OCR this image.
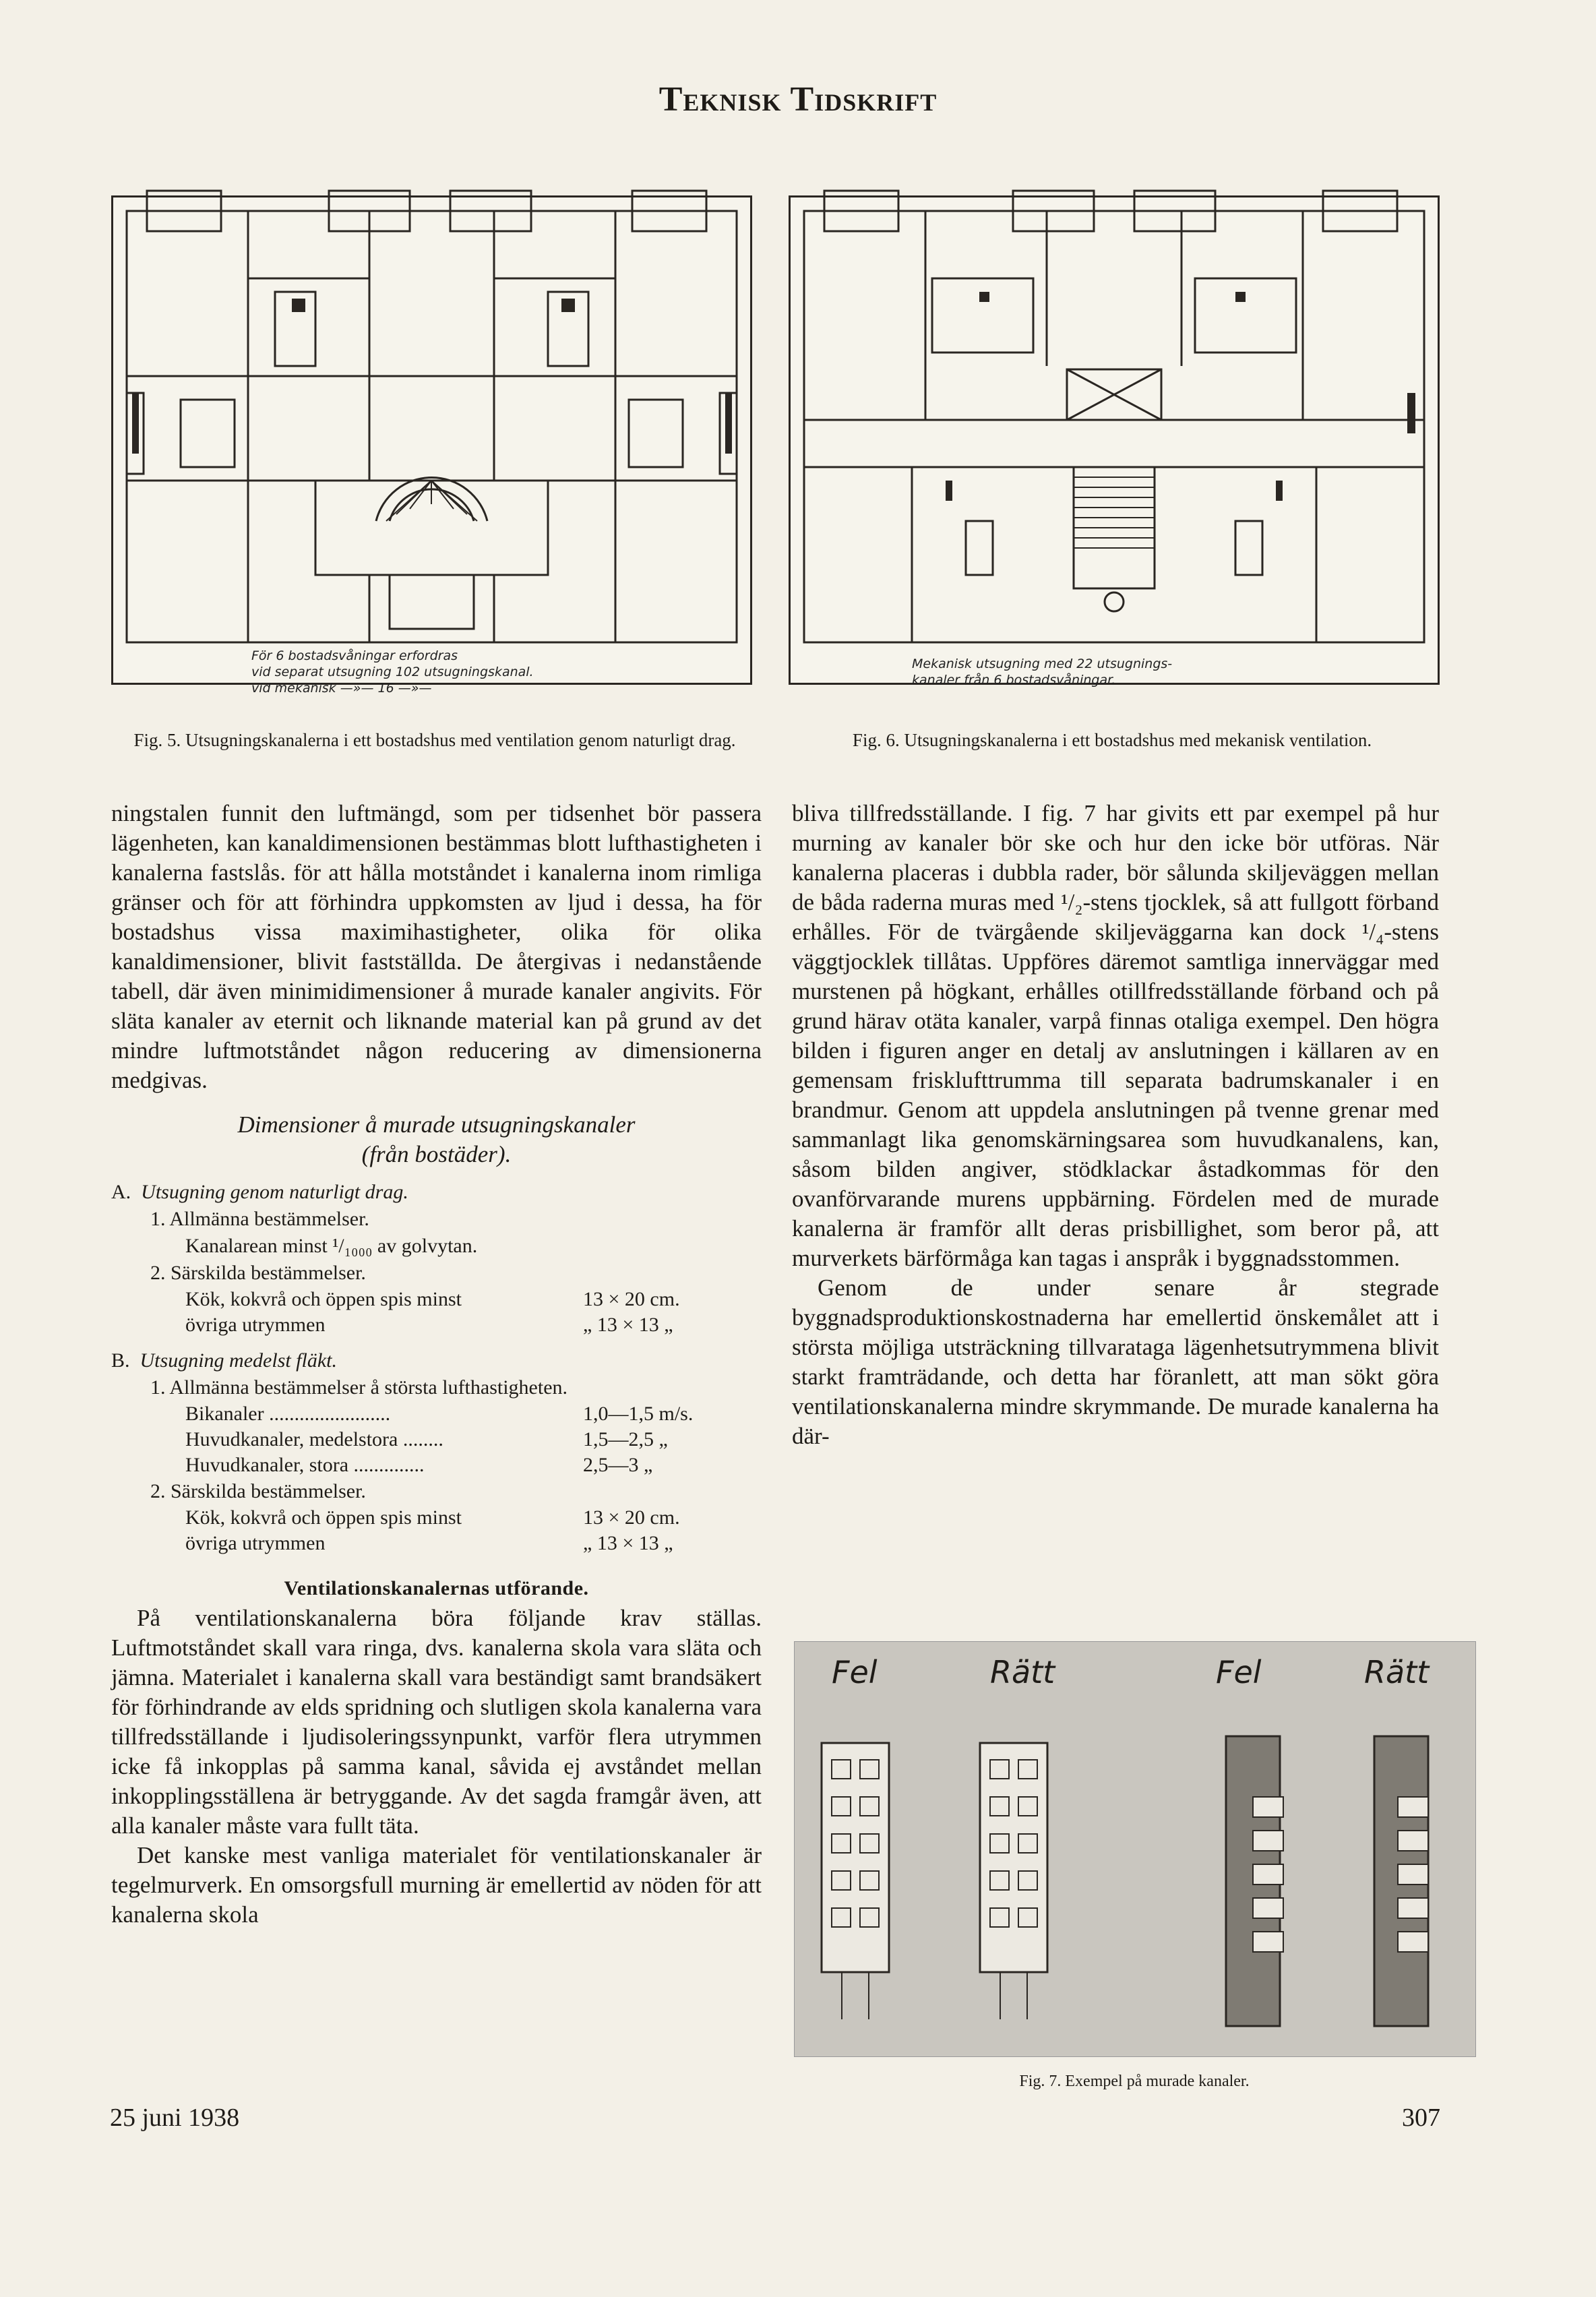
Teknisk Tidskrift
För 6 bostadsvåningar erfordras
vid separat utsugning 102 utsugningskanal.
vid mekanisk —»— 16 —»—
Fig. 5. Utsugningskanalerna i ett bostadshus med ventilation genom naturligt drag.
Mekanisk utsugning med 22 utsugnings-
kanaler från 6 bostadsvåningar.
Fig. 6. Utsugningskanalerna i ett bostadshus med mekanisk ventilation.

ningstalen funnit den luftmängd, som per tidsenhet bör passera lägenheten, kan kanaldimensionen bestämmas blott lufthastigheten i kanalerna fastslås. för att hålla motståndet i kanalerna inom rimliga gränser och för att förhindra uppkomsten av ljud i dessa, ha för bostadshus vissa maximihastigheter, olika för olika kanaldimensioner, blivit fastställda. De återgivas i nedanstående tabell, där även minimidimensioner å murade kanaler angivits. För släta kanaler av eternit och liknande material kan på grund av det mindre luftmotståndet någon reducering av dimensionerna medgivas.

Dimensioner å murade utsugningskanaler
(från bostäder).
A. Utsugning genom naturligt drag.
1. Allmänna bestämmelser.
Kanalarean minst ¹/₁₀₀₀ av golvytan.
2. Särskilda bestämmelser.
Kök, kokvrå och öppen spis minst	13 × 20 cm.
övriga utrymmen	„ 13 × 13 „
B. Utsugning medelst fläkt.
1. Allmänna bestämmelser å största lufthastigheten.
Bikanaler ........................	1,0—1,5 m/s.
Huvudkanaler, medelstora ........	1,5—2,5 „
Huvudkanaler, stora ..............	2,5—3 „
2. Särskilda bestämmelser.
Kök, kokvrå och öppen spis minst	13 × 20 cm.
övriga utrymmen	„ 13 × 13 „
Ventilationskanalernas utförande.

På ventilationskanalerna böra följande krav ställas. Luftmotståndet skall vara ringa, dvs. kanalerna skola vara släta och jämna. Materialet i kanalerna skall vara beständigt samt brandsäkert för förhindrande av elds spridning och slutligen skola kanalerna vara tillfredsställande i ljudisoleringssynpunkt, varför flera utrymmen icke få inkopplas på samma kanal, såvida ej avståndet mellan inkopplingsställena är betryggande. Av det sagda framgår även, att alla kanaler måste vara fullt täta.

Det kanske mest vanliga materialet för ventilationskanaler är tegelmurverk. En omsorgsfull murning är emellertid av nöden för att kanalerna skola

bliva tillfredsställande. I fig. 7 har givits ett par exempel på hur murning av kanaler bör ske och hur den icke bör utföras. När kanalerna placeras i dubbla rader, bör sålunda skiljeväggen mellan de båda raderna muras med ¹/₂-stens tjocklek, så att fullgott förband erhålles. För de tvärgående skiljeväggarna kan dock ¹/₄-stens väggtjocklek tillåtas. Uppföres däremot samtliga innerväggar med murstenen på högkant, erhålles otillfredsställande förband och på grund härav otäta kanaler, varpå finnas otaliga exempel. Den högra bilden i figuren anger en detalj av anslutningen i källaren av en gemensam frisklufttrumma till separata badrumskanaler i en brandmur. Genom att uppdela anslutningen på tvenne grenar med sammanlagt lika genomskärningsarea som huvudkanalens, kan, såsom bilden angiver, stödklackar åstadkommas för den ovanförvarande murens uppbärning. Fördelen med de murade kanalerna är framför allt deras prisbillighet, som beror på, att murverkets bärförmåga kan tagas i anspråk i byggnadsstommen.

Genom de under senare år stegrade byggnadsproduktionskostnaderna har emellertid önskemålet att i största möjliga utsträckning tillvaratagа lägenhetsutrymmena blivit starkt framträdande, och detta har föranlett, att man sökt göra ventilationskanalerna mindre skrymmande. De murade kanalerna ha där-

Fel	Rätt	Fel	Rätt
Fig. 7. Exempel på murade kanaler.
25 juni 1938	307
